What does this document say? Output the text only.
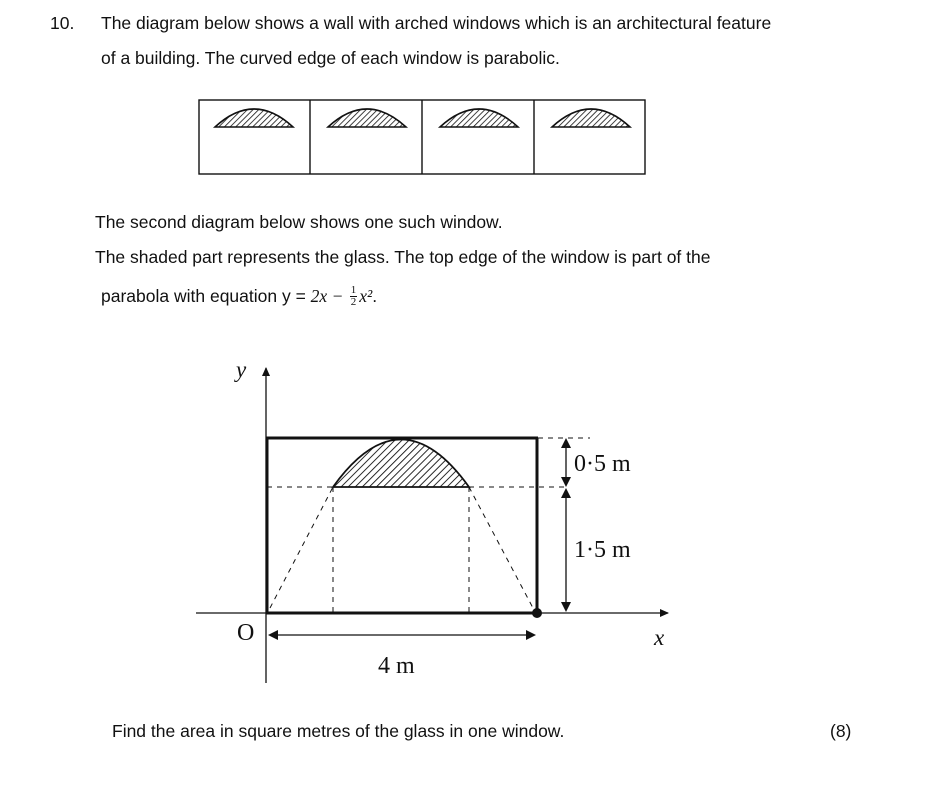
10. The diagram below shows a wall with arched windows which is an architectural feature
of a building. The curved edge of each window is parabolic.
The second diagram below shows one such window.
The shaded part represents the glass. The top edge of the window is part of the
parabola with equation $y = 2x - \frac{1}{2} x^2$.
y
x
O
0·5 m
1·5 m
4 m
Find the area in square metres of the glass in one window.	(8)
